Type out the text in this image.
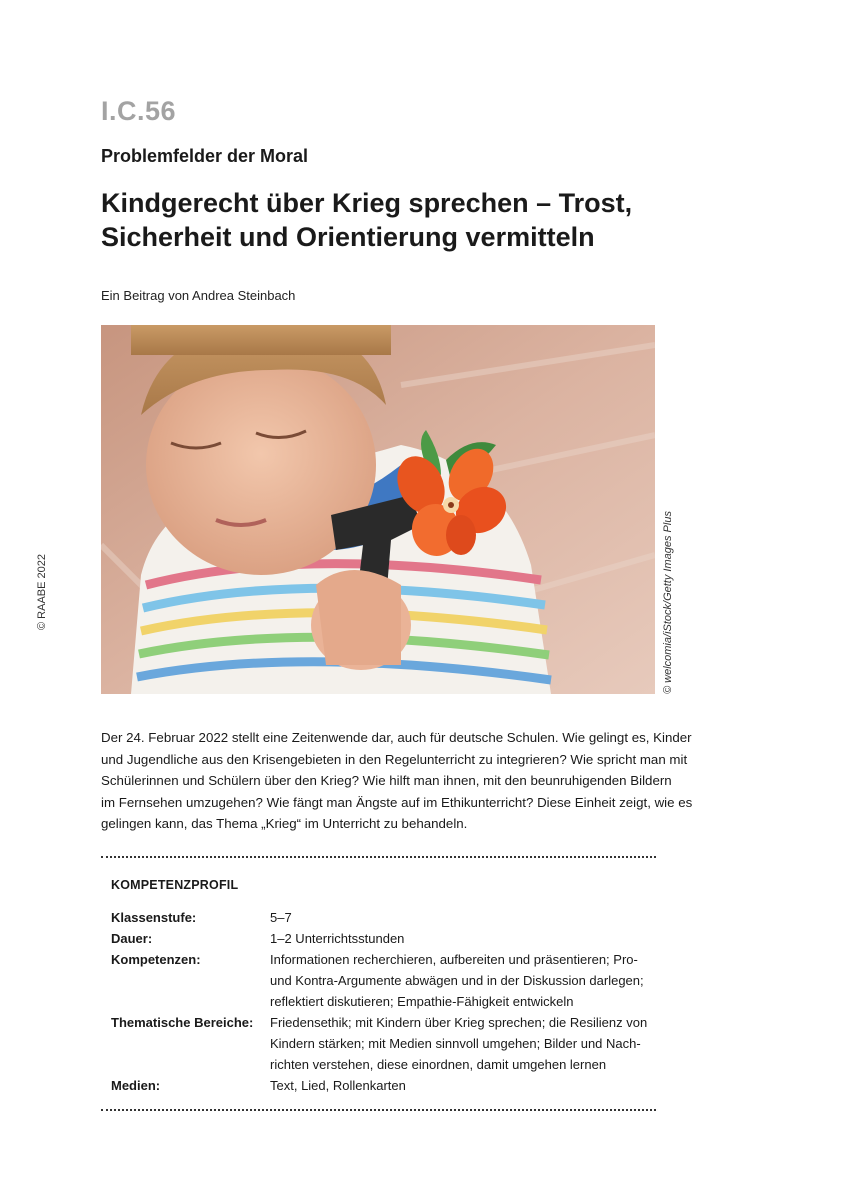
I.C.56
Problemfelder der Moral
Kindgerecht über Krieg sprechen – Trost,
Sicherheit und Orientierung vermitteln
Ein Beitrag von Andrea Steinbach
© welcomia/iStock/Getty Images Plus
© RAABE 2022
Der 24. Februar 2022 stellt eine Zeitenwende dar, auch für deutsche Schulen. Wie gelingt es, Kinder
und Jugendliche aus den Krisengebieten in den Regelunterricht zu integrieren? Wie spricht man mit
Schülerinnen und Schülern über den Krieg? Wie hilft man ihnen, mit den beunruhigenden Bildern
im Fernsehen umzugehen? Wie fängt man Ängste auf im Ethikunterricht? Diese Einheit zeigt, wie es
gelingen kann, das Thema „Krieg“ im Unterricht zu behandeln.
KOMPETENZPROFIL
Klassenstufe:	5–7
Dauer:	1–2 Unterrichtsstunden
Kompetenzen:	Informationen recherchieren, aufbereiten und präsentieren; Pro-
und Kontra-Argumente abwägen und in der Diskussion darlegen;
reflektiert diskutieren; Empathie-Fähigkeit entwickeln
Thematische Bereiche:	Friedensethik; mit Kindern über Krieg sprechen; die Resilienz von
Kindern stärken; mit Medien sinnvoll umgehen; Bilder und Nach-
richten verstehen, diese einordnen, damit umgehen lernen
Medien:	Text, Lied, Rollenkarten
